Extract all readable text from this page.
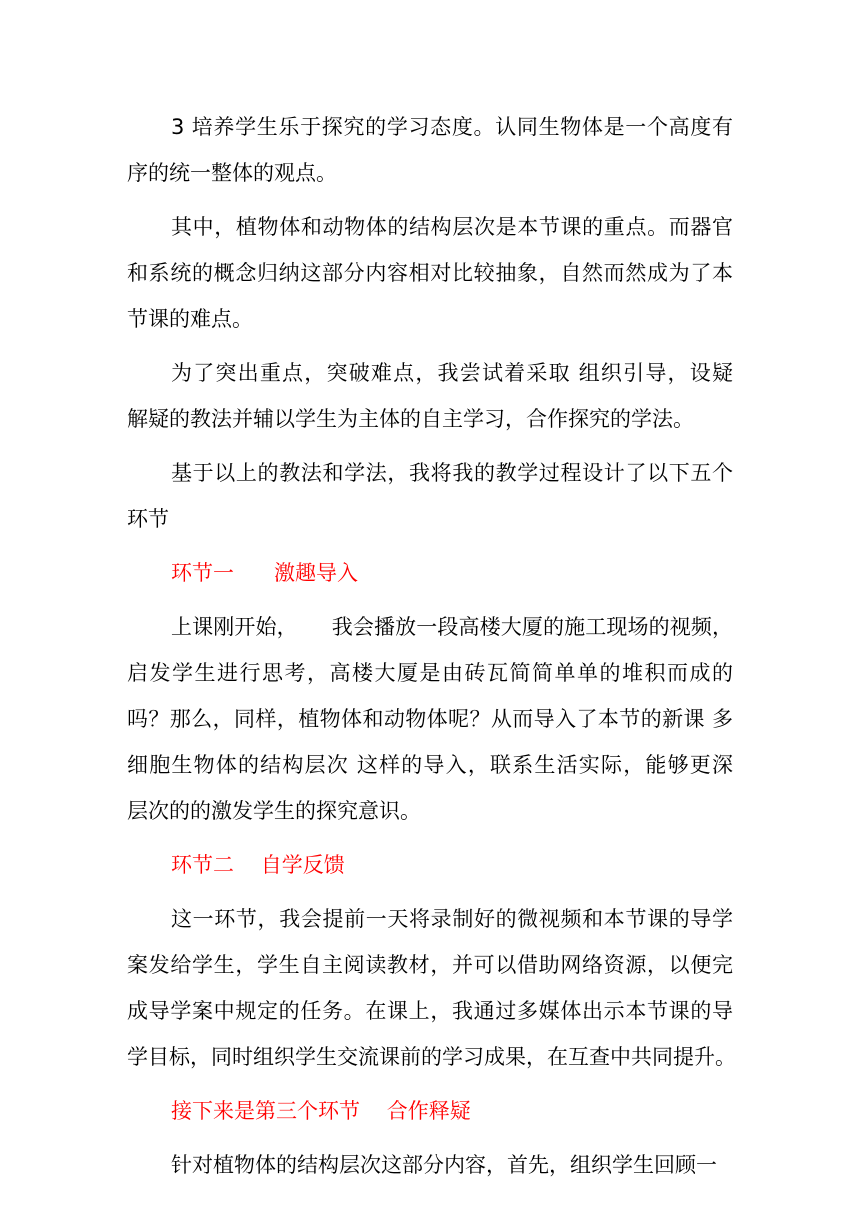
3 培养学生乐于探究的学习态度。认同生物体是一个高度有
序的统一整体的观点。
其中，植物体和动物体的结构层次是本节课的重点。而器官
和系统的概念归纳这部分内容相对比较抽象，自然而然成为了本
节课的难点。
为了突出重点，突破难点，我尝试着采取 组织引导，设疑
解疑的教法并辅以学生为主体的自主学习，合作探究的学法。
基于以上的教法和学法，我将我的教学过程设计了以下五个
环节
环节一      激趣导入
上课刚开始，     我会播放一段高楼大厦的施工现场的视频，
启发学生进行思考，高楼大厦是由砖瓦简简单单的堆积而成的
吗？那么，同样，植物体和动物体呢？从而导入了本节的新课 多
细胞生物体的结构层次 这样的导入，联系生活实际，能够更深
层次的的激发学生的探究意识。
环节二    自学反馈
这一环节，我会提前一天将录制好的微视频和本节课的导学
案发给学生，学生自主阅读教材，并可以借助网络资源，以便完
成导学案中规定的任务。在课上，我通过多媒体出示本节课的导
学目标，同时组织学生交流课前的学习成果，在互查中共同提升。
接下来是第三个环节    合作释疑
针对植物体的结构层次这部分内容，首先，组织学生回顾一
